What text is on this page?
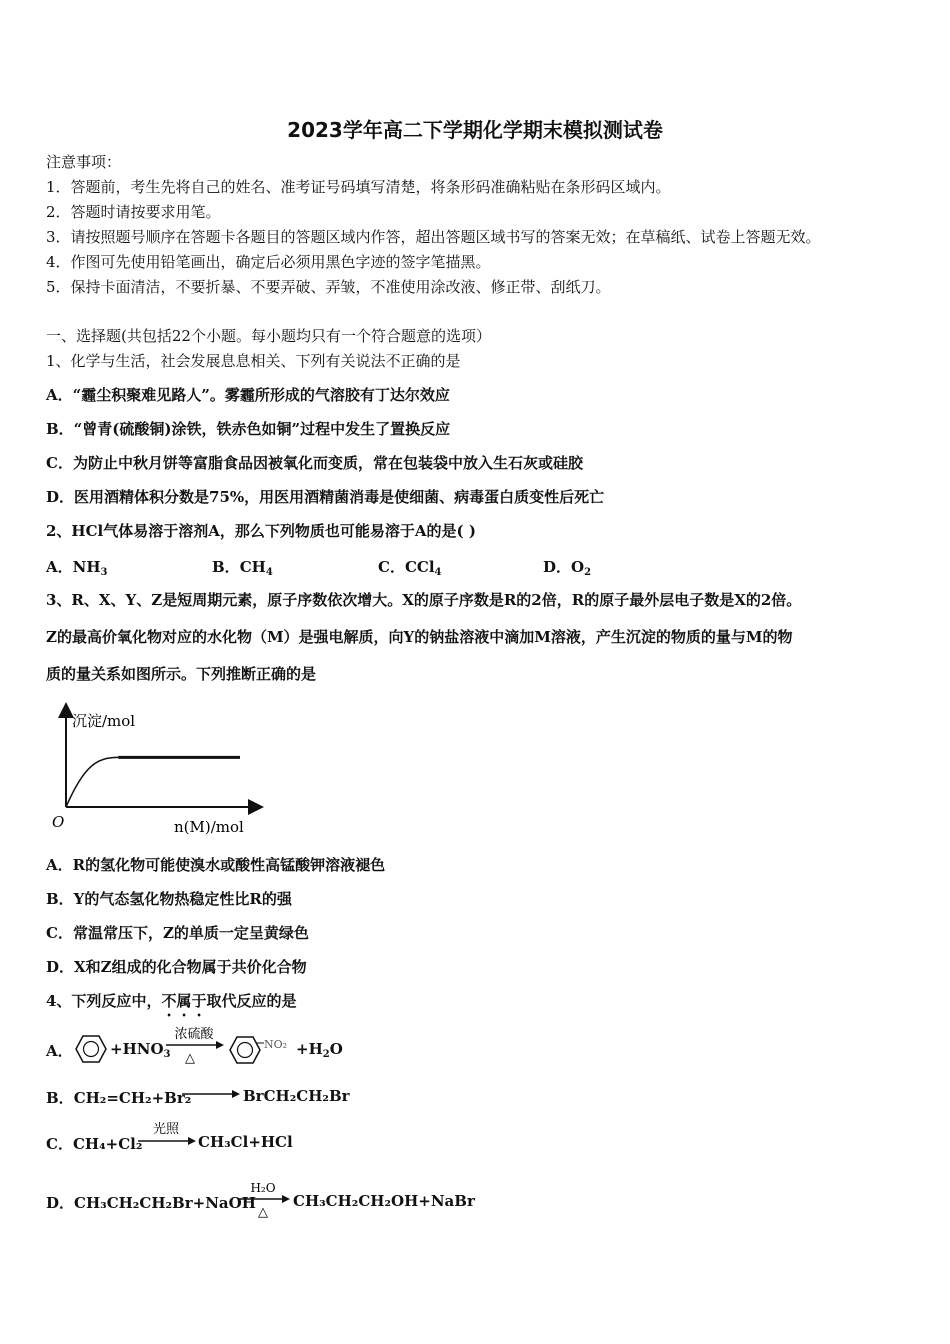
2023学年高二下学期化学期末模拟测试卷
注意事项：
1．答题前，考生先将自己的姓名、准考证号码填写清楚，将条形码准确粘贴在条形码区域内。
2．答题时请按要求用笔。
3．请按照题号顺序在答题卡各题目的答题区域内作答，超出答题区域书写的答案无效；在草稿纸、试卷上答题无效。
4．作图可先使用铅笔画出，确定后必须用黑色字迹的签字笔描黑。
5．保持卡面清洁，不要折暴、不要弄破、弄皱，不准使用涂改液、修正带、刮纸刀。
一、选择题(共包括22个小题。每小题均只有一个符合题意的选项）
1、化学与生活，社会发展息息相关、下列有关说法不正确的是
A．“霾尘积聚难见路人”。雾霾所形成的气溶胶有丁达尔效应
B．“曾青(硫酸铜)涂铁，铁赤色如铜”过程中发生了置换反应
C．为防止中秋月饼等富脂食品因被氧化而变质，常在包装袋中放入生石灰或硅胶
D．医用酒精体积分数是75%，用医用酒精菌消毒是使细菌、病毒蛋白质变性后死亡
2、HCl气体易溶于溶剂A，那么下列物质也可能易溶于A的是( )
A．$NH_3$	B．$CH_4$	C．CCl$_4$	D．$O_2$
3、R、X、Y、Z是短周期元素，原子序数依次增大。X的原子序数是R的2倍，R的原子最外层电子数是X的2倍。
Z的最高价氧化物对应的水化物（M）是强电解质，向Y的钠盐溶液中滴加M溶液，产生沉淀的物质的量与M的物
质的量关系如图所示。下列推断正确的是
沉淀/mol
O	n(M)/mol
A．R的氢化物可能使溴水或酸性高锰酸钾溶液褪色
B．Y的气态氢化物热稳定性比R的强
C．常温常压下，Z的单质一定呈黄绿色
D．X和Z组成的化合物属于共价化合物
4、下列反应中，不属于取代反应的是
A． $+HNO_3$
浓硫酸
△
$NO_2 +H_2O$
B．CH₂=CH₂+Br₂	BrCH₂CH₂Br
C．CH₄+Cl₂
光照
CH₃Cl+HCl
D．CH₃CH₂CH₂Br+NaOH
H₂O
△
CH₃CH₂CH₂OH+NaBr
